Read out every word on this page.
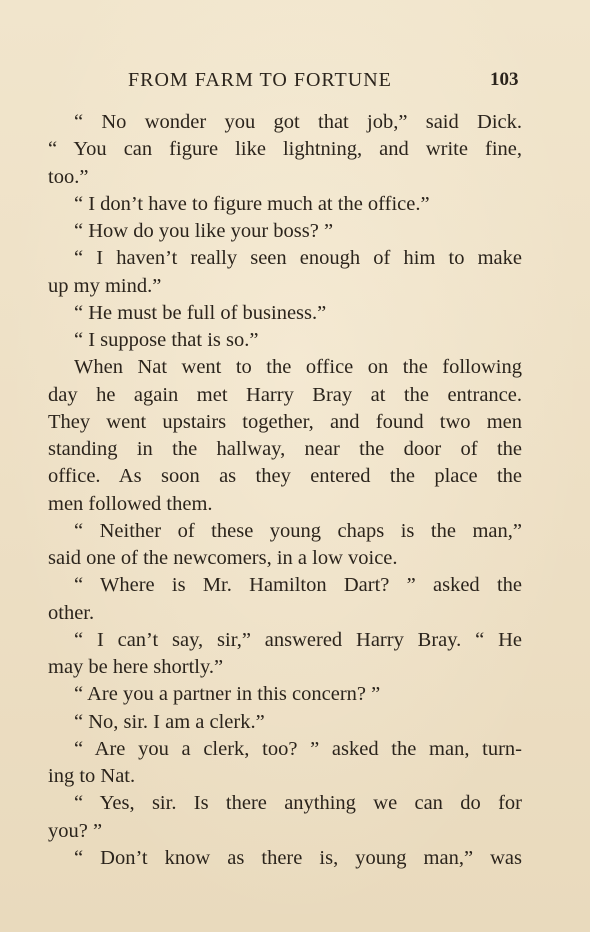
FROM FARM TO FORTUNE	103
“ No wonder you got that job,” said Dick.
“ You can figure like lightning, and write fine,
too.”
“ I don’t have to figure much at the office.”
“ How do you like your boss? ”
“ I haven’t really seen enough of him to make
up my mind.”
“ He must be full of business.”
“ I suppose that is so.”
When Nat went to the office on the following
day he again met Harry Bray at the entrance.
They went upstairs together, and found two men
standing in the hallway, near the door of the
office. As soon as they entered the place the
men followed them.
“ Neither of these young chaps is the man,”
said one of the newcomers, in a low voice.
“ Where is Mr. Hamilton Dart? ” asked the
other.
“ I can’t say, sir,” answered Harry Bray. “ He
may be here shortly.”
“ Are you a partner in this concern? ”
“ No, sir. I am a clerk.”
“ Are you a clerk, too? ” asked the man, turn-
ing to Nat.
“ Yes, sir. Is there anything we can do for
you? ”
“ Don’t know as there is, young man,” was
